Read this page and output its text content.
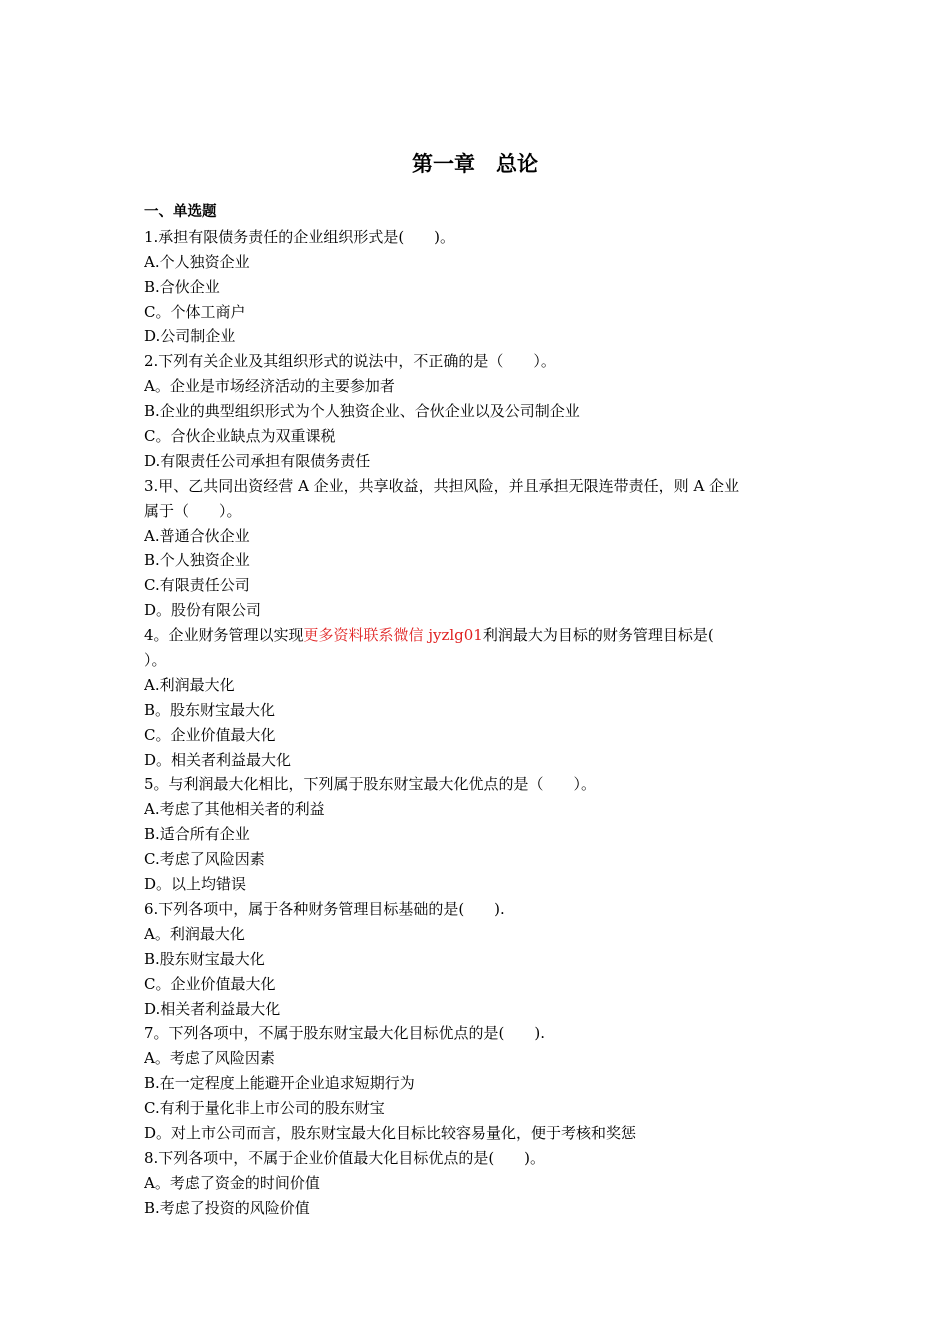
第一章　总论
一、单选题
1.承担有限债务责任的企业组织形式是(　　)。
A.个人独资企业
B.合伙企业
C。个体工商户
D.公司制企业
2.下列有关企业及其组织形式的说法中，不正确的是（　　）。
A。企业是市场经济活动的主要参加者
B.企业的典型组织形式为个人独资企业、合伙企业以及公司制企业
C。合伙企业缺点为双重课税
D.有限责任公司承担有限债务责任
3.甲、乙共同出资经营 A 企业，共享收益，共担风险，并且承担无限连带责任，则 A 企业
属于（　　）。
A.普通合伙企业
B.个人独资企业
C.有限责任公司
D。股份有限公司
4。企业财务管理以实现更多资料联系微信 jyzlg01利润最大为目标的财务管理目标是(
）。
A.利润最大化
B。股东财宝最大化
C。企业价值最大化
D。相关者利益最大化
5。与利润最大化相比，下列属于股东财宝最大化优点的是（　　）。
A.考虑了其他相关者的利益
B.适合所有企业
C.考虑了风险因素
D。以上均错误
6.下列各项中，属于各种财务管理目标基础的是(　　).
A。利润最大化
B.股东财宝最大化
C。企业价值最大化
D.相关者利益最大化
7。下列各项中，不属于股东财宝最大化目标优点的是(　　).
A。考虑了风险因素
B.在一定程度上能避开企业追求短期行为
C.有利于量化非上市公司的股东财宝
D。对上市公司而言，股东财宝最大化目标比较容易量化，便于考核和奖惩
8.下列各项中，不属于企业价值最大化目标优点的是(　　)。
A。考虑了资金的时间价值
B.考虑了投资的风险价值
